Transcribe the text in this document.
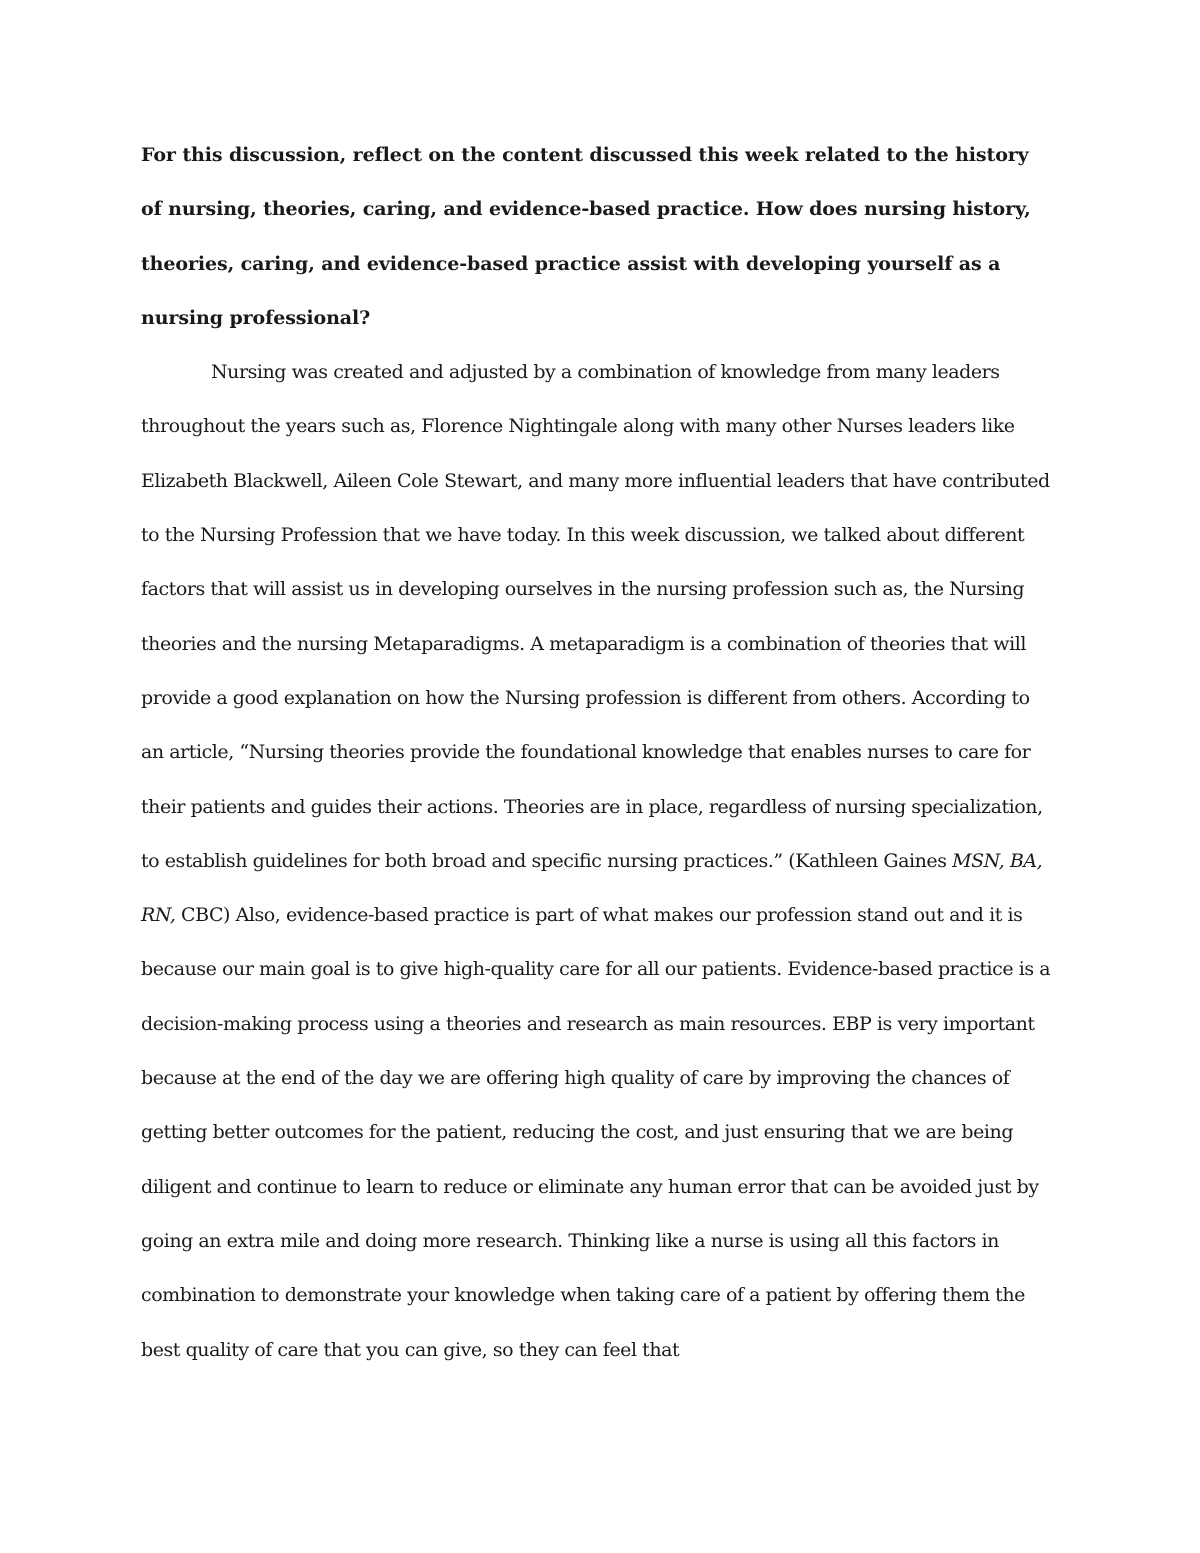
For this discussion, reflect on the content discussed this week related to the history of nursing, theories, caring, and evidence-based practice. How does nursing history, theories, caring, and evidence-based practice assist with developing yourself as a nursing professional?

Nursing was created and adjusted by a combination of knowledge from many leaders throughout the years such as, Florence Nightingale along with many other Nurses leaders like Elizabeth Blackwell, Aileen Cole Stewart, and many more influential leaders that have contributed to the Nursing Profession that we have today. In this week discussion, we talked about different factors that will assist us in developing ourselves in the nursing profession such as, the Nursing theories and the nursing Metaparadigms. A metaparadigm is a combination of theories that will provide a good explanation on how the Nursing profession is different from others. According to an article, “Nursing theories provide the foundational knowledge that enables nurses to care for their patients and guides their actions. Theories are in place, regardless of nursing specialization, to establish guidelines for both broad and specific nursing practices.” (Kathleen Gaines MSN, BA, RN, CBC) Also, evidence-based practice is part of what makes our profession stand out and it is because our main goal is to give high-quality care for all our patients. Evidence-based practice is a decision-making process using a theories and research as main resources. EBP is very important because at the end of the day we are offering high quality of care by improving the chances of getting better outcomes for the patient, reducing the cost, and just ensuring that we are being diligent and continue to learn to reduce or eliminate any human error that can be avoided just by going an extra mile and doing more research. Thinking like a nurse is using all this factors in combination to demonstrate your knowledge when taking care of a patient by offering them the best quality of care that you can give, so they can feel that
